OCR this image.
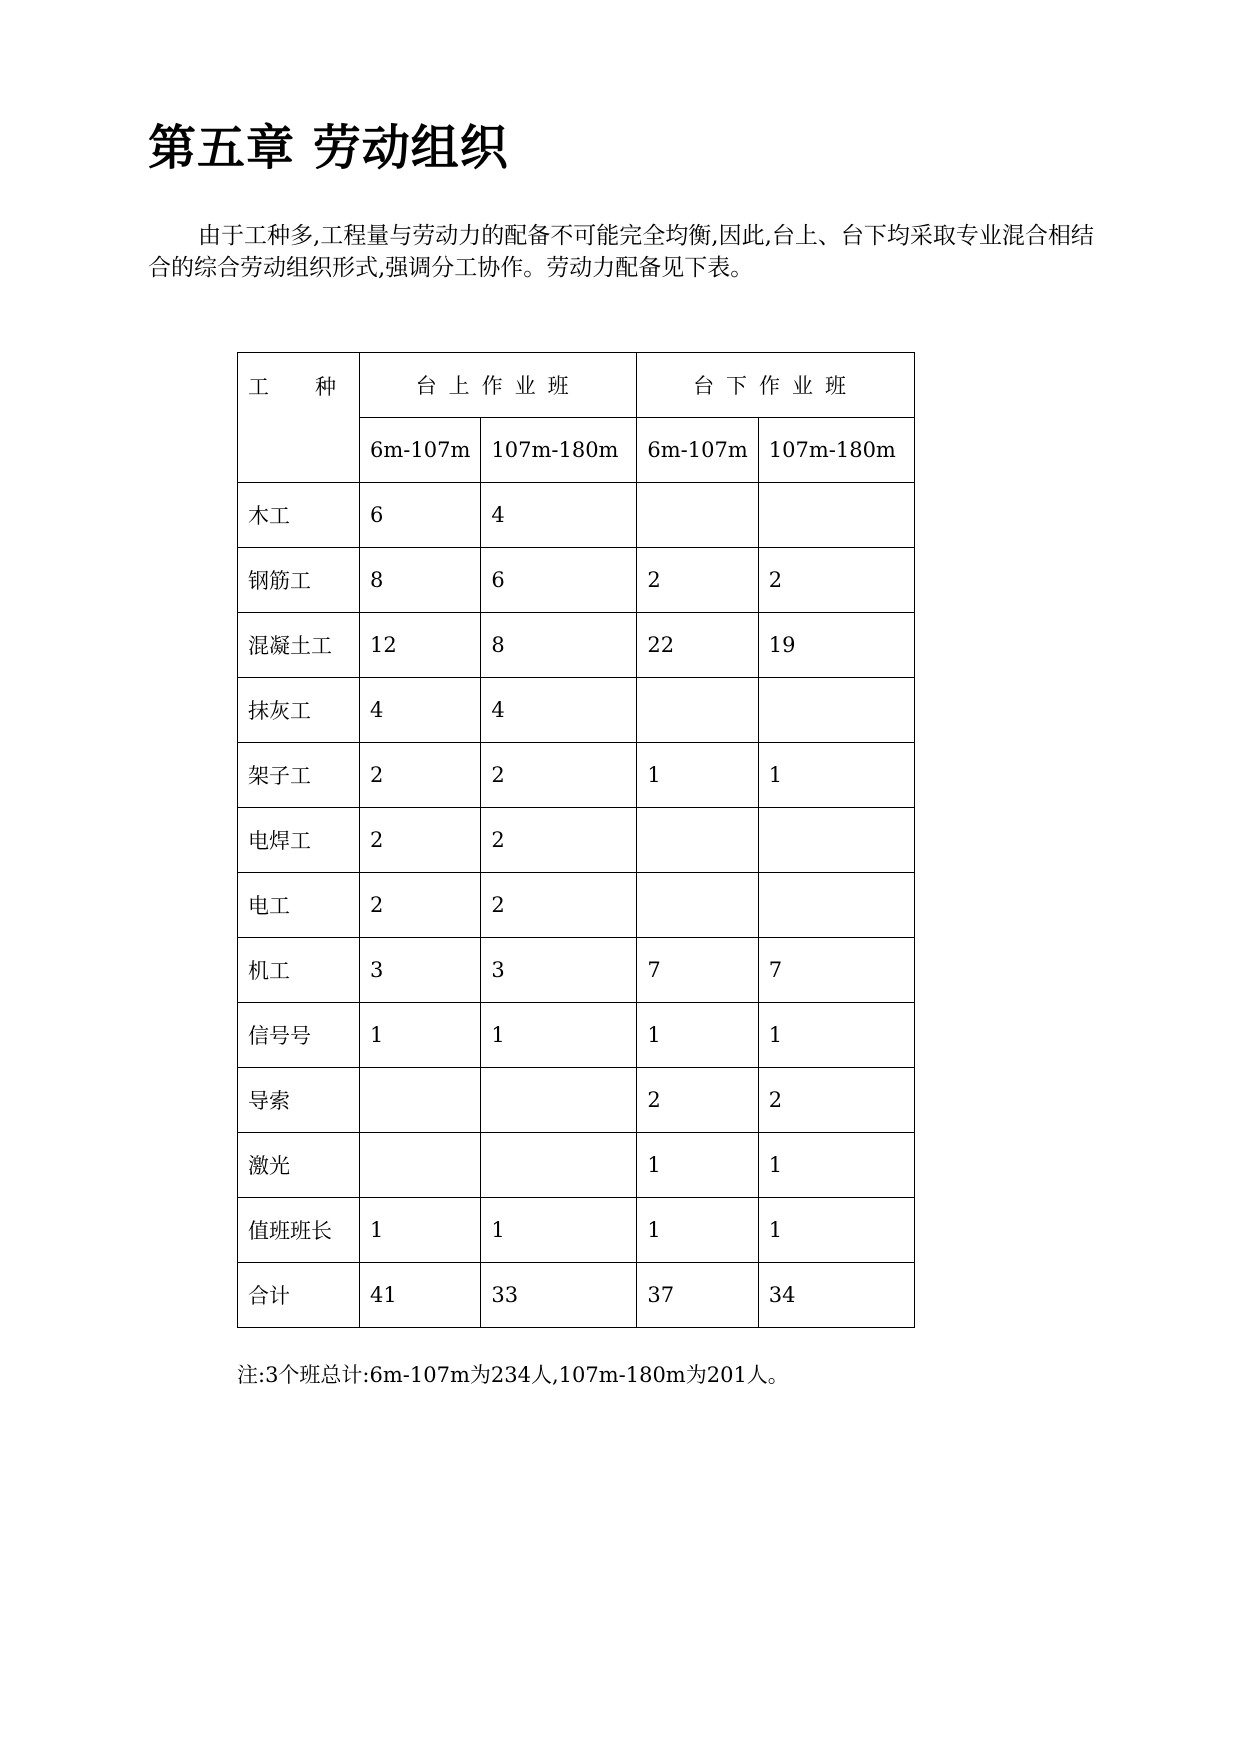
第五章 劳动组织

由于工种多,工程量与劳动力的配备不可能完全均衡,因此,台上、台下均采取专业混合相结合的综合劳动组织形式,强调分工协作。劳动力配备见下表。

工 种	台上作业班		台下作业班	
	6m-107m	107m-180m	6m-107m	107m-180m
木工	6	4		
钢筋工	8	6	2	2
混凝土工	12	8	22	19
抹灰工	4	4		
架子工	2	2	1	1
电焊工	2	2		
电工	2	2		
机工	3	3	7	7
信号号	1	1	1	1
导索			2	2
激光			1	1
值班班长	1	1	1	1
合计	41	33	37	34

注:3个班总计:6m-107m为234人,107m-180m为201人。
